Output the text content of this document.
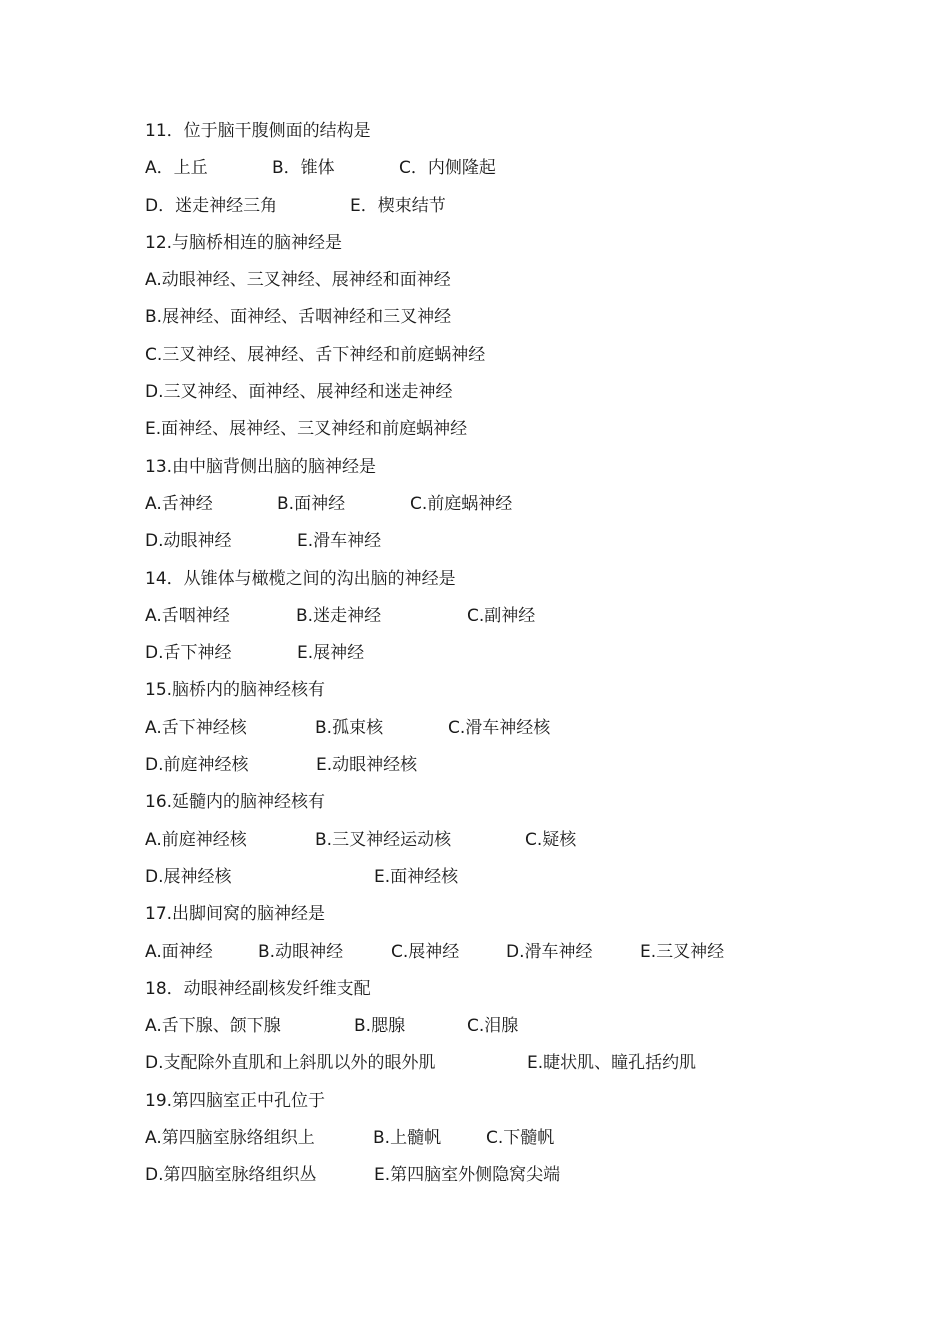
11．位于脑干腹侧面的结构是
A．上丘	B．锥体	C．内侧隆起
D．迷走神经三角	E．楔束结节
12.与脑桥相连的脑神经是
A.动眼神经、三叉神经、展神经和面神经
B.展神经、面神经、舌咽神经和三叉神经
C.三叉神经、展神经、舌下神经和前庭蜗神经
D.三叉神经、面神经、展神经和迷走神经
E.面神经、展神经、三叉神经和前庭蜗神经
13.由中脑背侧出脑的脑神经是
A.舌神经	B.面神经	C.前庭蜗神经
D.动眼神经	E.滑车神经
14．从锥体与橄榄之间的沟出脑的神经是
A.舌咽神经	B.迷走神经	C.副神经
D.舌下神经	E.展神经
15.脑桥内的脑神经核有
A.舌下神经核	B.孤束核	C.滑车神经核
D.前庭神经核	E.动眼神经核
16.延髓内的脑神经核有
A.前庭神经核	B.三叉神经运动核	C.疑核
D.展神经核	E.面神经核
17.出脚间窝的脑神经是
A.面神经	B.动眼神经	C.展神经	D.滑车神经	E.三叉神经
18．动眼神经副核发纤维支配
A.舌下腺、颌下腺	B.腮腺	C.泪腺
D.支配除外直肌和上斜肌以外的眼外肌	E.睫状肌、瞳孔括约肌
19.第四脑室正中孔位于
A.第四脑室脉络组织上	B.上髓帆	C.下髓帆
D.第四脑室脉络组织丛	E.第四脑室外侧隐窝尖端
